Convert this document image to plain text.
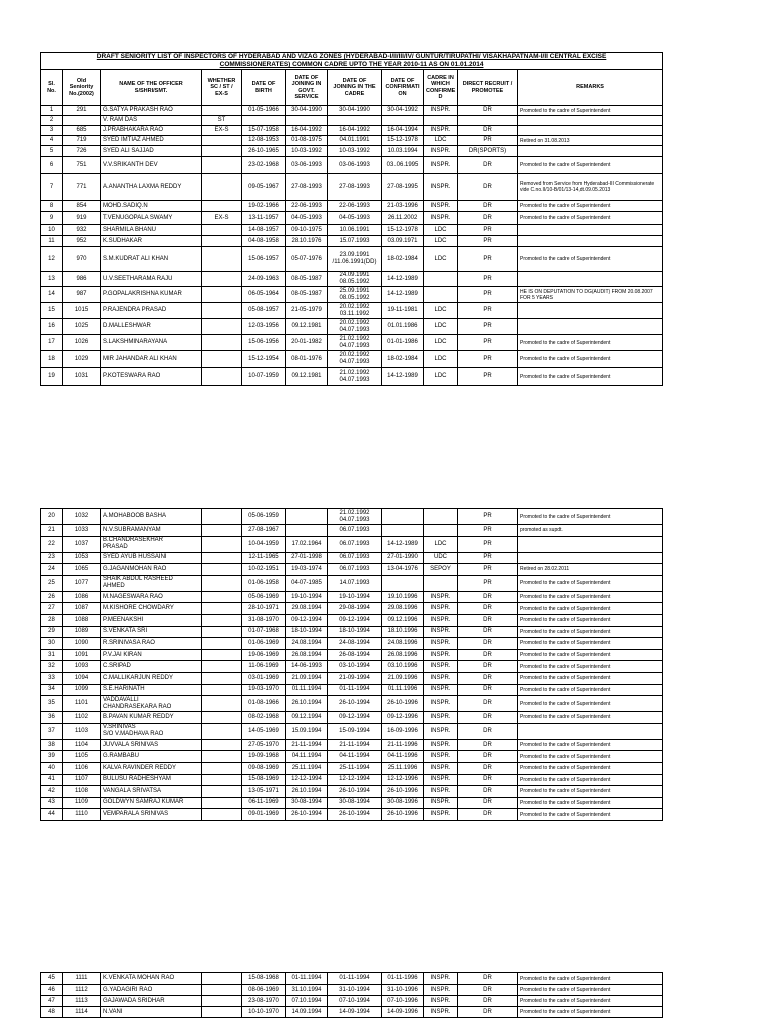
DRAFT SENIORITY LIST OF INSPECTORS OF HYDERABAD AND VIZAG ZONES (HYDERABAD-I/II/III/IV/ GUNTUR/TIRUPATHI/ VISAKHAPATNAM-I/II CENTRAL EXCISE
COMMISSIONERATES) COMMON CADRE UPTO THE YEAR 2010-11 AS ON 01.01.2014										
Sl. No.	Old
Seniority
No.(2002)	NAME OF THE OFFICER
S/SHRI/SMT.	WHETHER
SC / ST /
EX-S	DATE OF
BIRTH	DATE OF
JOINING IN
GOVT.
SERVICE	DATE OF
JOINING IN THE
CADRE	DATE OF
CONFIRMATI
ON	CADRE IN
WHICH
CONFIRME
D	DIRECT RECRUIT /
PROMOTEE	REMARKS
1	291	G.SATYA PRAKASH RAO		01-05-1966	30-04-1990	30-04-1990	30-04-1992	INSPR.	DR	Promoted to the cadre of Superintendent
2		V. RAM DAS	ST							
3	685	J.PRABHAKARA RAO	EX-S	15-07-1958	16-04-1992	16-04-1992	16-04-1994	INSPR.	DR	
4	719	SYED IMTIAZ AHMED		12-08-1953	01-08-1975	04.01.1991	15-12-1978	LDC	PR	Retired on 31.08.2013
5	726	SYED ALI SAJJAD		26-10-1965	10-03-1992	10-03-1992	10.03.1994	INSPR.	DR(SPORTS)	
6	751	V.V.SRIKANTH DEV		23-02-1968	03-06-1993	03-06-1993	03..06.1995	INSPR.	DR	Promoted to the cadre of Superintendent
7	771	A.ANANTHA LAXMA REDDY		09-05-1967	27-08-1993	27-08-1993	27-08-1995	INSPR.	DR	Removed from Service from Hyderabad-III Commissionerate vide C.no.II/10-B/01/13-14,dt.09.05.2013
8	854	MOHD.SADIQ.N		19-02-1966	22-06-1993	22-06-1993	21-03-1996	INSPR.	DR	Promoted to the cadre of Superintendent
9	919	T.VENUGOPALA SWAMY	EX-S	13-11-1957	04-05-1993	04-05-1993	26.11.2002	INSPR.	DR	Promoted to the cadre of Superintendent
10	932	SHARMILA BHANU		14-08-1957	09-10-1975	10.06.1991	15-12-1978	LDC	PR	
11	952	K.SUDHAKAR		04-08-1958	28.10.1976	15.07.1993	03.09.1971	LDC	PR	
12	970	S.M.KUDRAT ALI KHAN		15-06-1957	05-07-1976	23.09.1991
/11.06.1991(DD)	18-02-1984	LDC	PR	Promoted to the cadre of Superintendent
13	986	U.V.SEETHARAMA RAJU		24-09-1963	08-05-1987	24.09.1991
08.05.1992	14-12-1989		PR	
14	987	P.GOPALAKRISHNA KUMAR		06-05-1964	08-05-1987	25.09.1991
08.05.1992	14-12-1989		PR	HE IS ON DEPUTATION TO DG(AUDIT) FROM 20.08.2007 FOR 5 YEARS
15	1015	P.RAJENDRA PRASAD		05-08-1957	21-05-1979	20.02.1992
03.11.1992	19-11-1981	LDC	PR	
16	1025	D.MALLESHWAR		12-03-1956	09.12.1981	20.02.1992
04.07.1993	01.01.1986	LDC	PR	
17	1026	S.LAKSHMINARAYANA		15-06-1956	20-01-1982	21.02.1992
04.07.1993	01-01-1986	LDC	PR	Promoted to the cadre of Superintendent
18	1029	MIR JAHANDAR ALI KHAN		15-12-1954	08-01-1976	20.02.1992
04.07.1993	18-02-1984	LDC	PR	Promoted to the cadre of Superintendent
19	1031	P.KOTESWARA RAO		10-07-1959	09.12.1981	21.02.1992
04.07.1993	14-12-1989	LDC	PR	Promoted to the cadre of Superintendent
20	1032	A.MOHABOOB BASHA		05-06-1959		21.02.1992
04.07.1993			PR	Promoted to the cadre of Superintendent
21	1033	N.V.SUBRAMANYAM		27-08-1967		06.07.1993			PR	promoted as supdt.
22	1037	B.CHANDRASEKHAR
PRASAD		10-04-1959	17.02.1964	06.07.1993	14-12-1989	LDC	PR	
23	1053	SYED AYUB HUSSAINI		12-11-1965	27-01-1998	06.07.1993	27-01-1990	UDC	PR	
24	1065	G.JAGANMOHAN RAO		10-02-1951	19-03-1974	06.07.1993	13-04-1976	SEPOY	PR	Retired on 28.02.2011
25	1077	SHAIK ABDUL RASHEED
AHMED		01-06-1958	04-07-1985	14.07.1993			PR	Promoted to the cadre of Superintendent
26	1086	M.NAGESWARA RAO		05-06-1969	19-10-1994	19-10-1994	19.10.1996	INSPR.	DR	Promoted to the cadre of Superintendent
27	1087	M.KISHORE CHOWDARY		28-10-1971	29.08.1994	29-08-1994	29.08.1996	INSPR.	DR	Promoted to the cadre of Superintendent
28	1088	P.MEENAKSHI		31-08-1970	09-12-1994	09-12-1994	09.12.1996	INSPR.	DR	Promoted to the cadre of Superintendent
29	1089	S.VENKATA SRI		01-07-1968	18-10-1994	18-10-1994	18.10.1996	INSPR.	DR	Promoted to the cadre of Superintendent
30	1090	R.SRINIVASA RAO		01-06-1969	24.08.1994	24-08-1994	24.08.1996	INSPR.	DR	Promoted to the cadre of Superintendent
31	1091	P.V.JAI KIRAN		19-06-1969	26.08.1994	26-08-1994	26.08.1996	INSPR.	DR	Promoted to the cadre of Superintendent
32	1093	C.SRIPAD		11-06-1969	14-06-1993	03-10-1994	03.10.1996	INSPR.	DR	Promoted to the cadre of Superintendent
33	1094	C.MALLIKARJUN REDDY		03-01-1969	21.09.1994	21-09-1994	21.09.1996	INSPR.	DR	Promoted to the cadre of Superintendent
34	1099	S.E.HARINATH		19-03-1970	01.11.1994	01-11-1994	01.11.1996	INSPR.	DR	Promoted to the cadre of Superintendent
35	1101	VADDAVALLI
CHANDRASEKARA RAO		01-08-1966	26.10.1994	26-10-1994	26-10-1996	INSPR.	DR	Promoted to the cadre of Superintendent
36	1102	B.PAVAN KUMAR REDDY		08-02-1968	09.12.1994	09-12-1994	09-12-1996	INSPR.	DR	Promoted to the cadre of Superintendent
37	1103	V.SRINIVAS
S/O V.MADHAVA RAO		14-05-1969	15.09.1994	15-09-1994	16-09-1996	INSPR.	DR	
38	1104	JUVVALA SRINIVAS		27-05-1970	21-11-1994	21-11-1994	21-11-1996	INSPR.	DR	Promoted to the cadre of Superintendent
39	1105	G.RAMBABU		19-09-1968	04.11.1994	04-11-1994	04-11-1996	INSPR.	DR	Promoted to the cadre of Superintendent
40	1106	KALVA RAVINDER REDDY		09-08-1969	25.11.1994	25-11-1994	25.11.1996	INSPR.	DR	Promoted to the cadre of Superintendent
41	1107	BULUSU RADHESHYAM		15-08-1969	12-12-1994	12-12-1994	12-12-1996	INSPR.	DR	Promoted to the cadre of Superintendent
42	1108	VANGALA SRIVATSA		13-05-1971	26.10.1994	26-10-1994	26-10-1996	INSPR.	DR	Promoted to the cadre of Superintendent
43	1109	GOLDWYN SAMRAJ KUMAR		06-11-1969	30-08-1994	30-08-1994	30-08-1996	INSPR.	DR	Promoted to the cadre of Superintendent
44	1110	VEMPARALA SRINIVAS		09-01-1969	26-10-1994	26-10-1994	26-10-1996	INSPR.	DR	Promoted to the cadre of Superintendent
45	1111	K.VENKATA MOHAN RAO		15-08-1968	01-11.1994	01-11-1994	01-11-1996	INSPR.	DR	Promoted to the cadre of Superintendent
46	1112	G.YADAGIRI RAO		08-06-1969	31.10.1994	31-10-1994	31-10-1996	INSPR.	DR	Promoted to the cadre of Superintendent
47	1113	GAJAWADA SRIDHAR		23-08-1970	07.10.1994	07-10-1994	07-10-1996	INSPR.	DR	Promoted to the cadre of Superintendent
48	1114	N.VANI		10-10-1970	14.09.1994	14-09-1994	14-09-1996	INSPR.	DR	Promoted to the cadre of Superintendent
